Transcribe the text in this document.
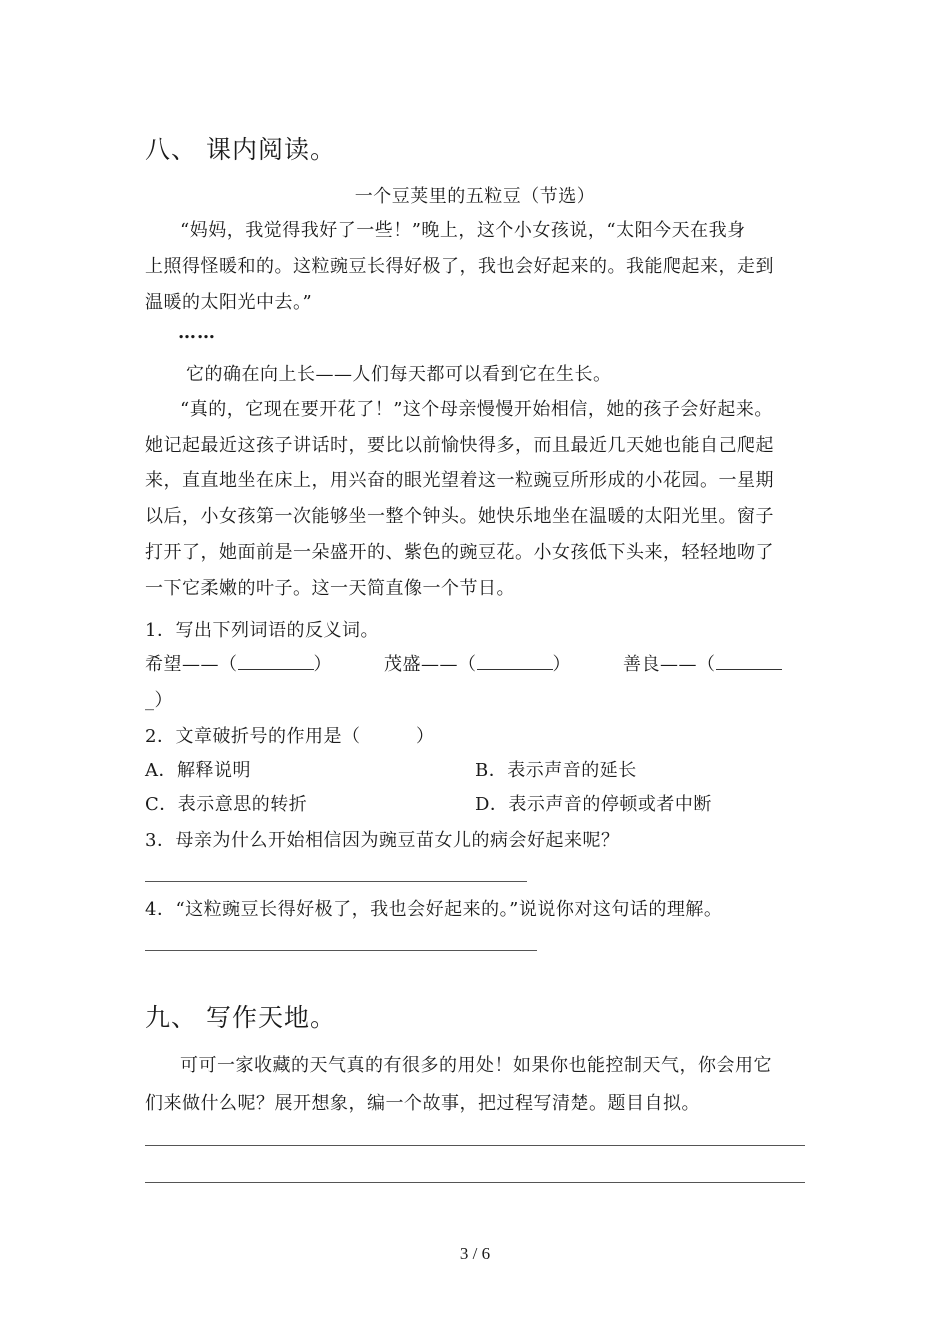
八、 课内阅读。
一个豆荚里的五粒豆（节选）
“妈妈，我觉得我好了一些！”晚上，这个小女孩说，“太阳今天在我身
上照得怪暖和的。这粒豌豆长得好极了，我也会好起来的。我能爬起来，走到
温暖的太阳光中去。”
……
它的确在向上长——人们每天都可以看到它在生长。
“真的，它现在要开花了！”这个母亲慢慢开始相信，她的孩子会好起来。
她记起最近这孩子讲话时，要比以前愉快得多，而且最近几天她也能自己爬起
来，直直地坐在床上，用兴奋的眼光望着这一粒豌豆所形成的小花园。一星期
以后，小女孩第一次能够坐一整个钟头。她快乐地坐在温暖的太阳光里。窗子
打开了，她面前是一朵盛开的、紫色的豌豆花。小女孩低下头来，轻轻地吻了
一下它柔嫩的叶子。这一天简直像一个节日。
1．写出下列词语的反义词。
希望——（	）	茂盛——（	）	善良——（
_）
2．文章破折号的作用是（　　　）
A．解释说明	B．表示声音的延长
C．表示意思的转折	D．表示声音的停顿或者中断
3．母亲为什么开始相信因为豌豆苗女儿的病会好起来呢？
4．“这粒豌豆长得好极了，我也会好起来的。”说说你对这句话的理解。
九、 写作天地。
可可一家收藏的天气真的有很多的用处！如果你也能控制天气，你会用它
们来做什么呢？展开想象，编一个故事，把过程写清楚。题目自拟。
3 / 6
